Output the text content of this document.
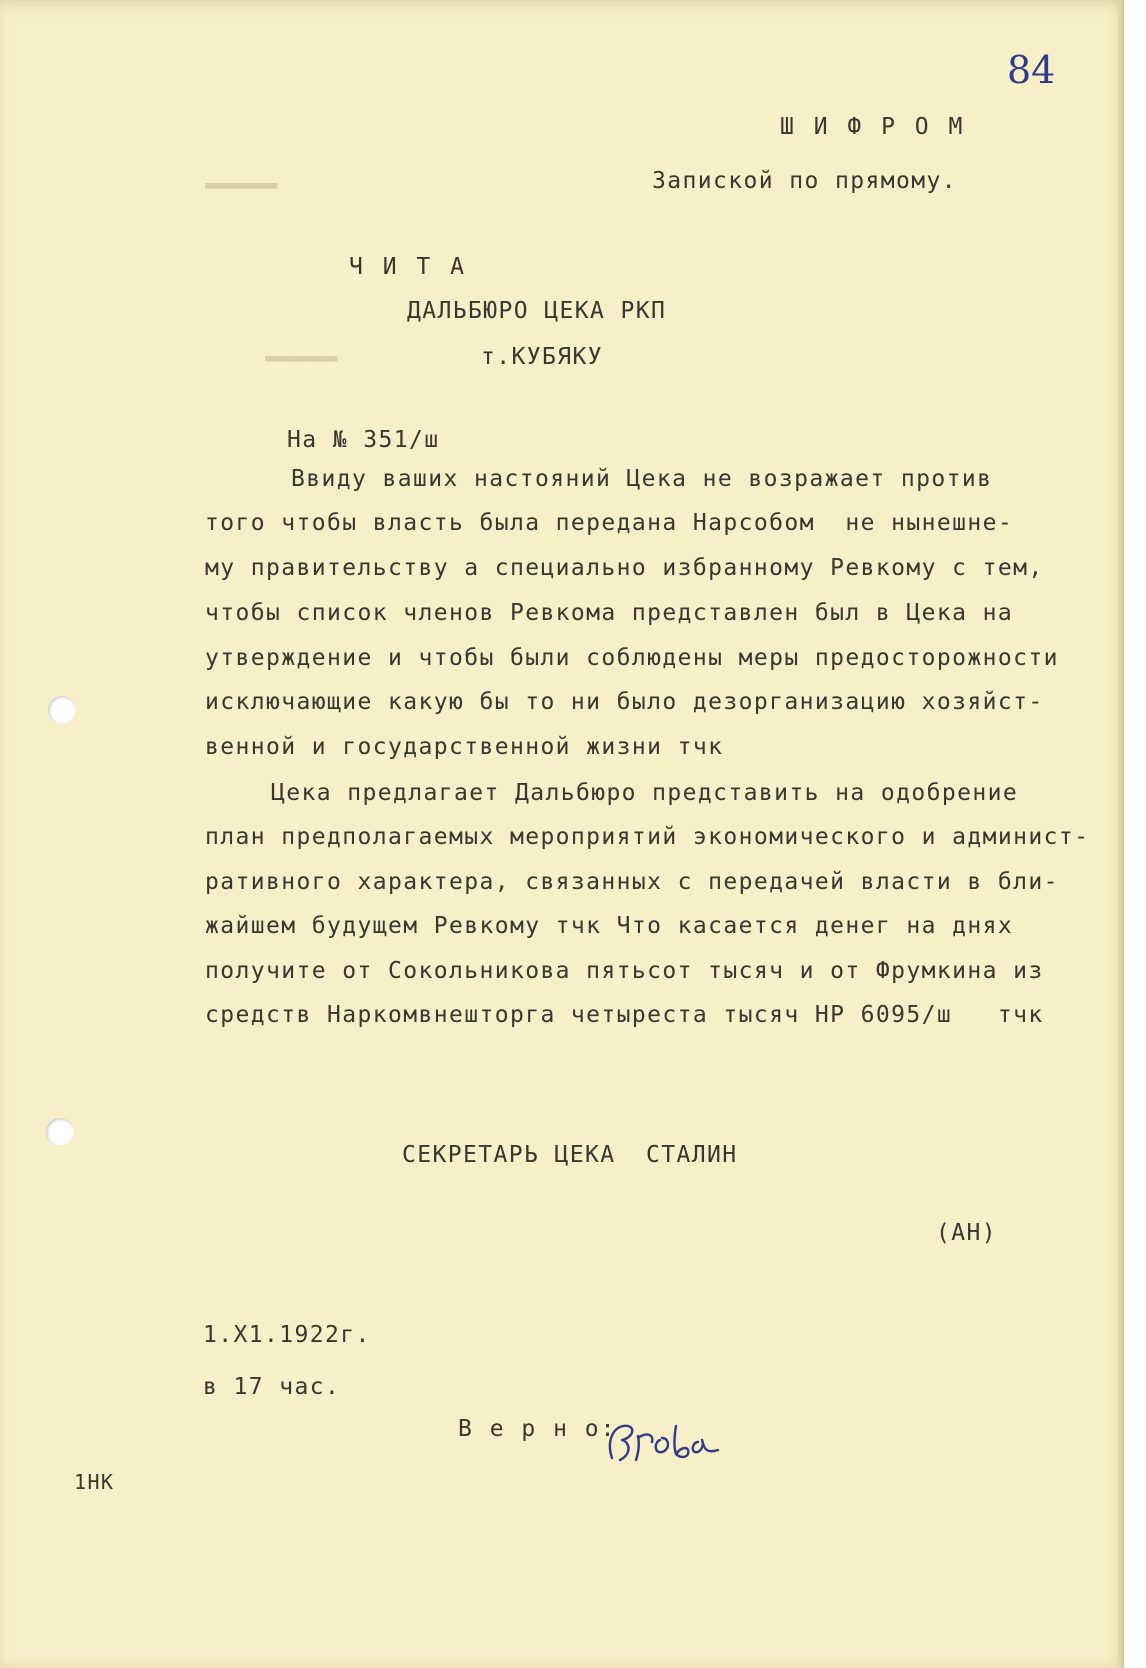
▬▬▬▬▬▬
▬▬▬▬▬▬
84
Ш И Ф Р О М
Запиской по прямому.
Ч И Т А
ДАЛЬБЮРО ЦЕКА РКП
т.КУБЯКУ
На № 351/ш
Ввиду ваших настояний Цека не возражает против
того чтобы власть была передана Нарсобом  не нынешне-
му правительству а специально избранному Ревкому с тем,
чтобы список членов Ревкома представлен был в Цека на
утверждение и чтобы были соблюдены меры предосторожности
исключающие какую бы то ни было дезорганизацию хозяйст-
венной и государственной жизни тчк
Цека предлагает Дальбюро представить на одобрение
план предполагаемых мероприятий экономического и админист-
ративного характера, связанных с передачей власти в бли-
жайшем будущем Ревкому тчк Что касается денег на днях
получите от Сокольникова пятьсот тысяч и от Фрумкина из
средств Наркомвнешторга четыреста тысяч НР 6095/ш   тчк
СЕКРЕТАРЬ ЦЕКА  СТАЛИН
(АН)
1.Х1.1922г.
в 17 час.
В е р н о:
1НК
